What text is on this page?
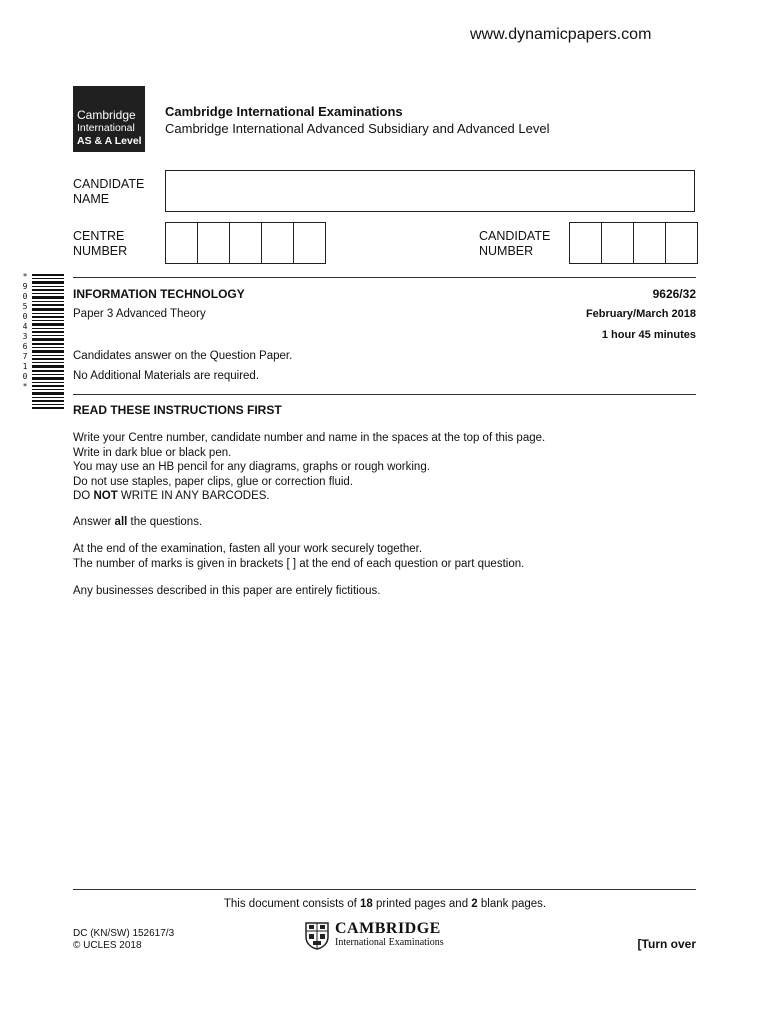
www.dynamicpapers.com
Cambridge
International
AS & A Level
Cambridge International Examinations
Cambridge International Advanced Subsidiary and Advanced Level
CANDIDATE
NAME
CENTRE
NUMBER
CANDIDATE
NUMBER
*
9
0
5
0
4
3
6
7
1
0
*
INFORMATION TECHNOLOGY	9626/32
Paper 3 Advanced Theory	February/March 2018
1 hour 45 minutes
Candidates answer on the Question Paper.
No Additional Materials are required.
READ THESE INSTRUCTIONS FIRST
Write your Centre number, candidate number and name in the spaces at the top of this page.
Write in dark blue or black pen.
You may use an HB pencil for any diagrams, graphs or rough working.
Do not use staples, paper clips, glue or correction fluid.
DO NOT WRITE IN ANY BARCODES.
Answer all the questions.
At the end of the examination, fasten all your work securely together.
The number of marks is given in brackets [ ] at the end of each question or part question.
Any businesses described in this paper are entirely fictitious.
This document consists of 18 printed pages and 2 blank pages.
DC (KN/SW) 152617/3
© UCLES 2018
CAMBRIDGE
International Examinations	[Turn over
